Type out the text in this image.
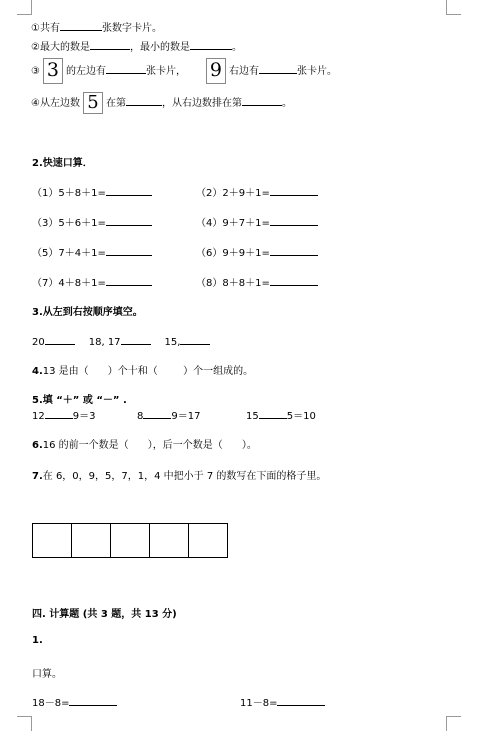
①共有	张数字卡片。
②最大的数是	，最小的数是	。
③ 3 的左边有	张卡片， 9 右边有	张卡片。
④从左边数 5 在第	，从右边数排在第	。
2.快速口算．
（1）5＋8＋1=	（2）2＋9＋1=
（3）5＋6＋1=	（4）9＋7＋1=
（5）7＋4＋1=	（6）9＋9＋1=
（7）4＋8＋1=	（8）8＋8＋1=
3.从左到右按顺序填空。
20	18, 17	15,
4.13 是由（      ）个十和（        ）个一组成的。
5.填 “＋” 或 “－” .
12	9＝3	8	9＝17	15	5＝10
6.16 的前一个数是（      ），后一个数是（      ）。
7.在 6，0，9，5，7，1，4 中把小于 7 的数写在下面的格子里。
四. 计算题 (共 3 题，共 13 分)
1.
口算。
18－8=	11－8=
